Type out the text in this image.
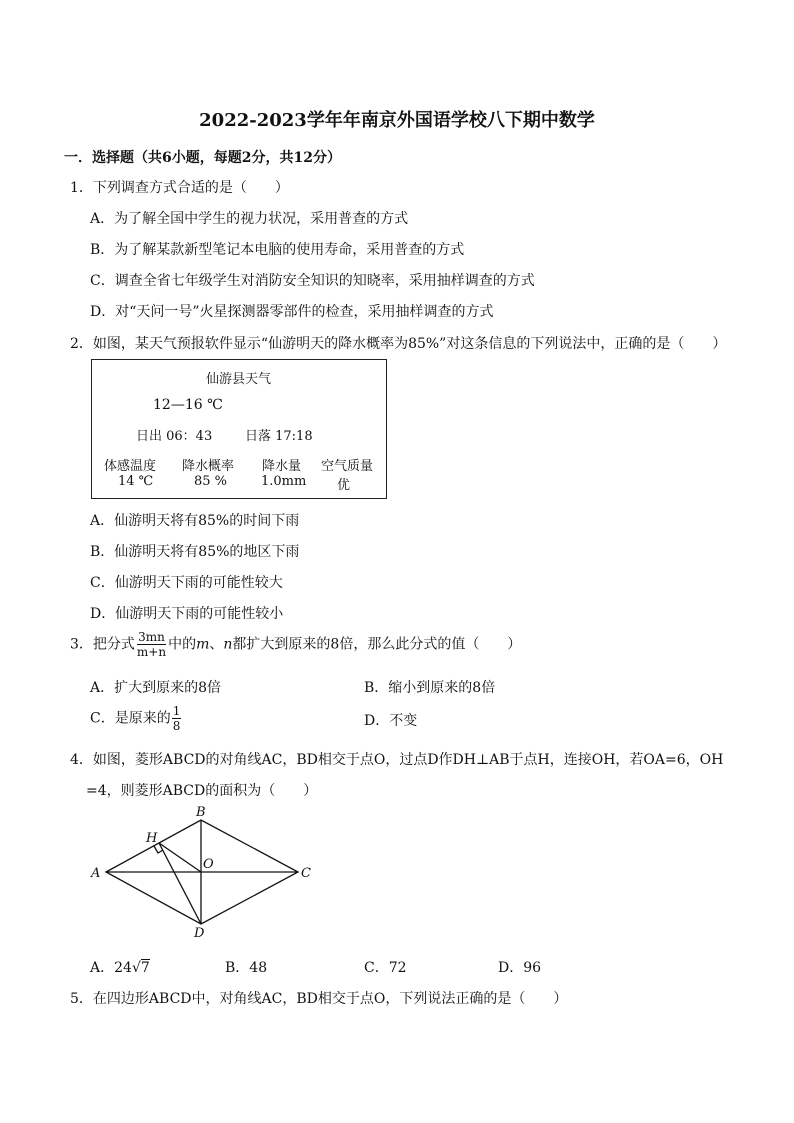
2022-2023学年年南京外国语学校八下期中数学
一．选择题（共6小题，每题2分，共12分）
1．下列调查方式合适的是（　　）
A．为了解全国中学生的视力状况，采用普查的方式
B．为了解某款新型笔记本电脑的使用寿命，采用普查的方式
C．调查全省七年级学生对消防安全知识的知晓率，采用抽样调查的方式
D．对“天问一号”火星探测器零部件的检查，采用抽样调查的方式
2．如图，某天气预报软件显示“仙游明天的降水概率为85%”对这条信息的下列说法中，正确的是（　　）
仙游县天气
12—16 ℃
日出 06：43	日落 17:18
体感温度 降水概率 降水量 空气质量
14 ℃	85 %	1.0mm 优
A．仙游明天将有85%的时间下雨
B．仙游明天将有85%的地区下雨
C．仙游明天下雨的可能性较大
D．仙游明天下雨的可能性较小
3．把分式 $\frac{3mn}{m+n}$ 中的m、n都扩大到原来的8倍，那么此分式的值（　　）
A．扩大到原来的8倍	B．缩小到原来的8倍
C．是原来的 $\frac{1}{8}$	D．不变
4．如图，菱形ABCD的对角线AC，BD相交于点O，过点D作DH⊥AB于点H，连接OH，若OA=6，OH
=4，则菱形ABCD的面积为（　　）
A
B
C
D
H
O
A．24√7	B．48	C．72	D．96
5．在四边形ABCD中，对角线AC，BD相交于点O，下列说法正确的是（　　）
